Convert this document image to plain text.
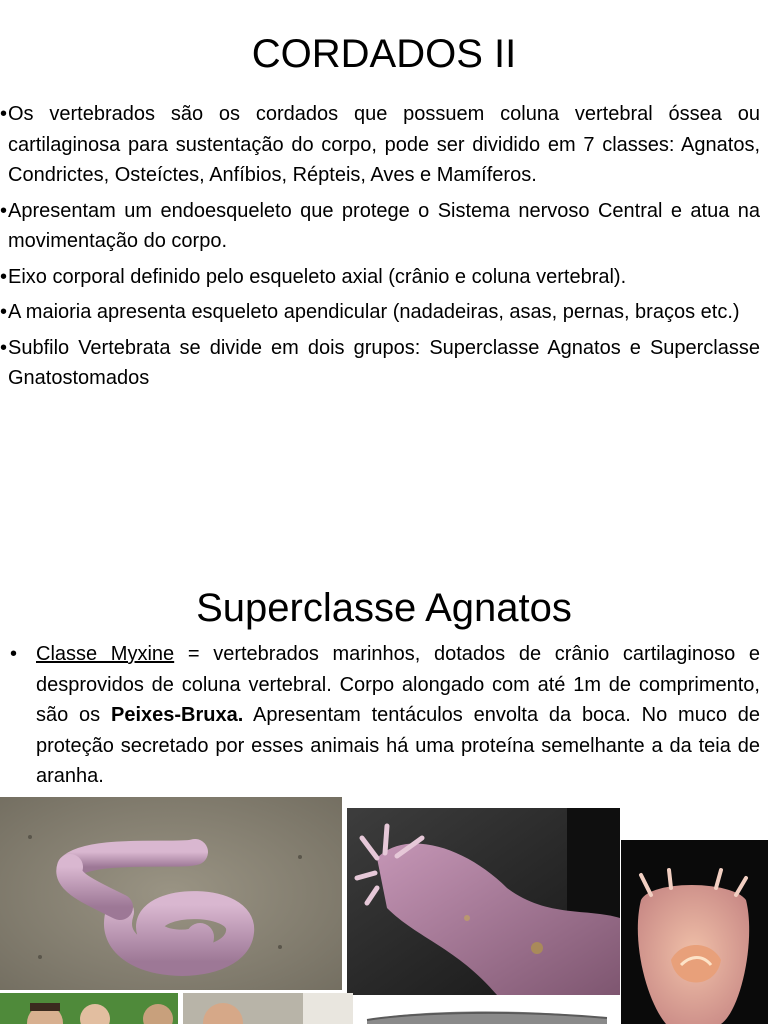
CORDADOS II
• Os vertebrados são os cordados que possuem coluna vertebral óssea ou cartilaginosa para sustentação do corpo, pode ser dividido em 7 classes: Agnatos, Condrictes, Osteíctes, Anfíbios, Répteis, Aves e Mamíferos.
• Apresentam um endoesqueleto que protege o Sistema nervoso Central e atua na movimentação do corpo.
• Eixo corporal definido pelo esqueleto axial (crânio e coluna vertebral).
• A maioria apresenta esqueleto apendicular (nadadeiras, asas, pernas, braços etc.)
• Subfilo Vertebrata se divide em dois grupos: Superclasse Agnatos e Superclasse Gnatostomados
Superclasse Agnatos
• Classe Myxine = vertebrados marinhos, dotados de crânio cartilaginoso e desprovidos de coluna vertebral. Corpo alongado com até 1m de comprimento, são os Peixes-Bruxa. Apresentam tentáculos envolta da boca. No muco de proteção secretado por esses animais há uma proteína semelhante a da teia de aranha.
